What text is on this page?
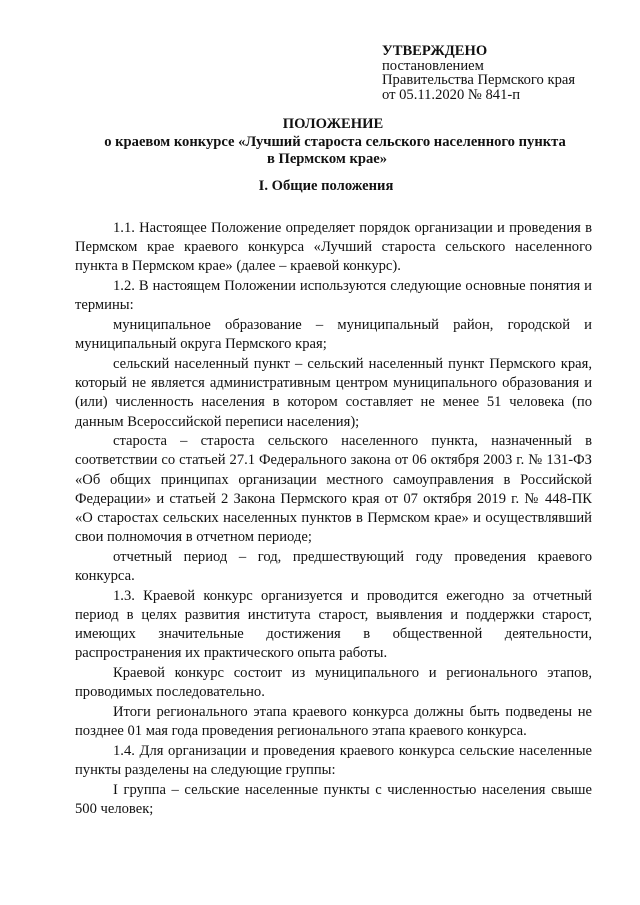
УТВЕРЖДЕНО
постановлением
Правительства Пермского края
от 05.11.2020 № 841-п
ПОЛОЖЕНИЕ
о краевом конкурсе «Лучший староста сельского населенного пункта
в Пермском крае»
I. Общие положения

1.1. Настоящее Положение определяет порядок организации и проведения в Пермском крае краевого конкурса «Лучший староста сельского населенного пункта в Пермском крае» (далее – краевой конкурс).

1.2. В настоящем Положении используются следующие основные понятия и термины:

муниципальное образование – муниципальный район, городской и муниципальный округа Пермского края;

сельский населенный пункт – сельский населенный пункт Пермского края, который не является административным центром муниципального образования и (или) численность населения в котором составляет не менее 51 человека (по данным Всероссийской переписи населения);

староста – староста сельского населенного пункта, назначенный в соответствии со статьей 27.1 Федерального закона от 06 октября 2003 г. № 131-ФЗ «Об общих принципах организации местного самоуправления в Российской Федерации» и статьей 2 Закона Пермского края от 07 октября 2019 г. № 448-ПК «О старостах сельских населенных пунктов в Пермском крае» и осуществлявший свои полномочия в отчетном периоде;

отчетный период – год, предшествующий году проведения краевого конкурса.

1.3. Краевой конкурс организуется и проводится ежегодно за отчетный период в целях развития института старост, выявления и поддержки старост, имеющих значительные достижения в общественной деятельности, распространения их практического опыта работы.

Краевой конкурс состоит из муниципального и регионального этапов, проводимых последовательно.

Итоги регионального этапа краевого конкурса должны быть подведены не позднее 01 мая года проведения регионального этапа краевого конкурса.

1.4. Для организации и проведения краевого конкурса сельские населенные пункты разделены на следующие группы:

I группа – сельские населенные пункты с численностью населения свыше 500 человек;
